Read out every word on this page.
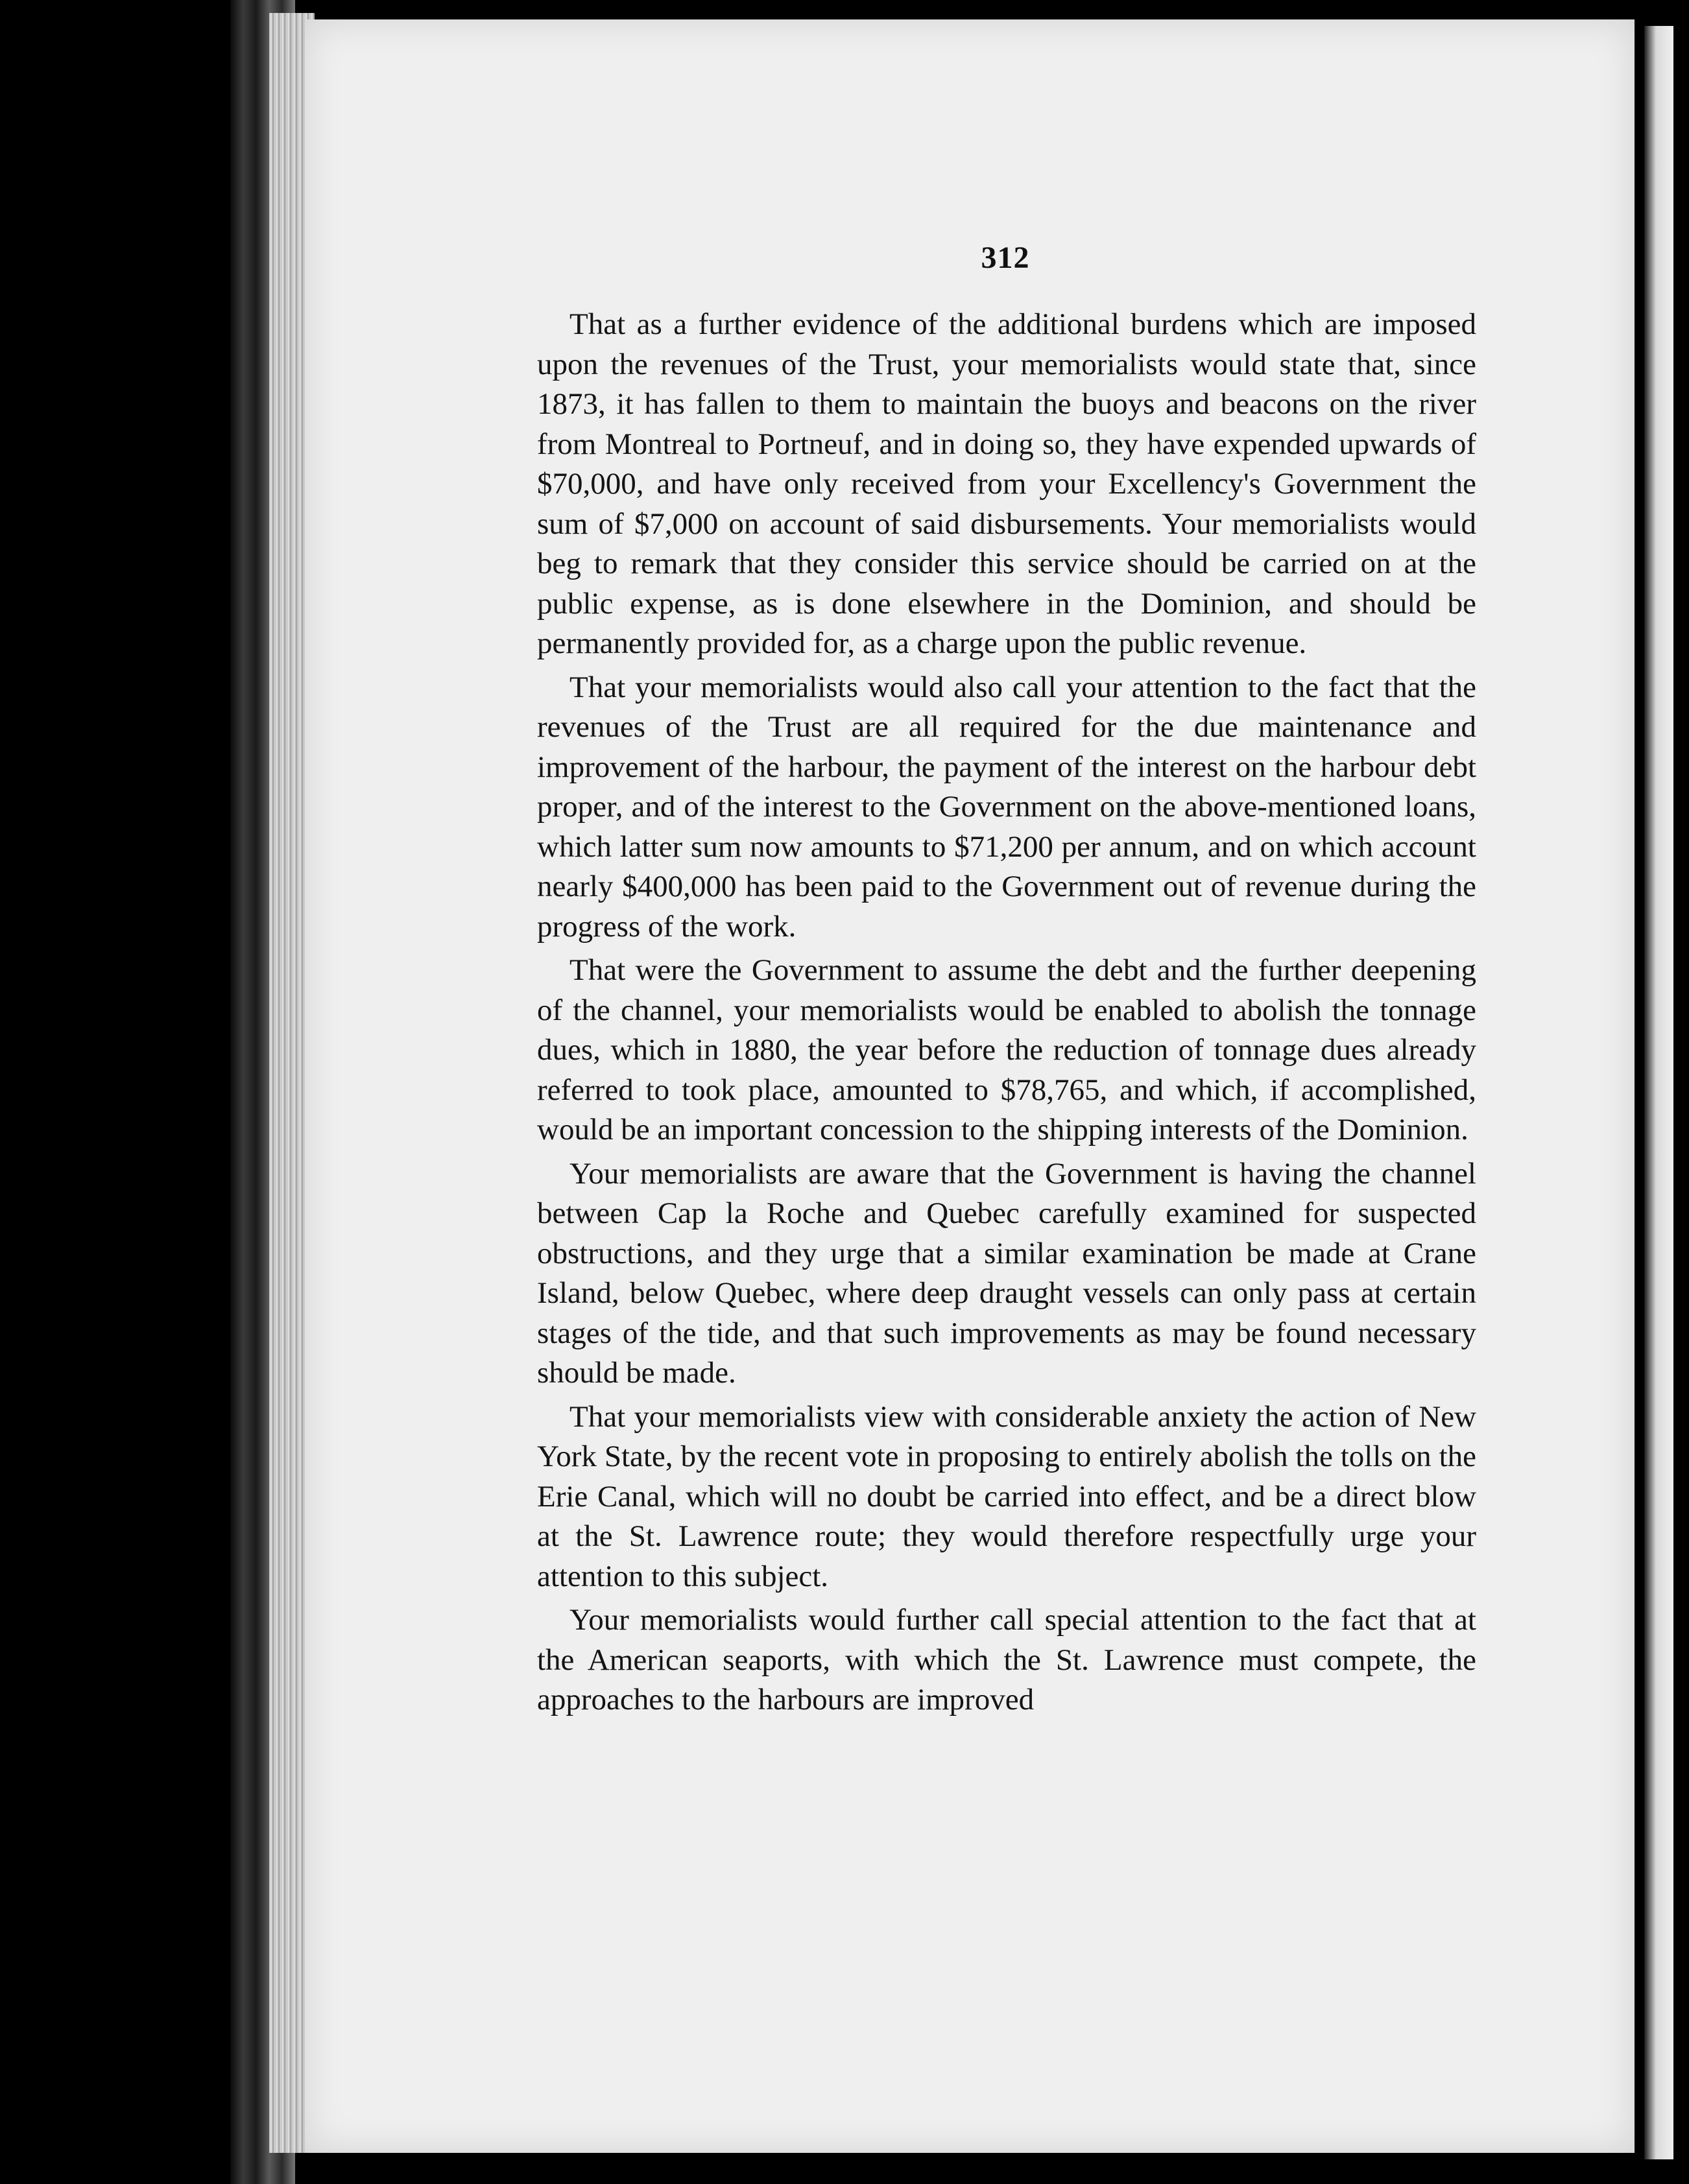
312

That as a further evidence of the additional burdens which are imposed upon the revenues of the Trust, your memorialists would state that, since 1873, it has fallen to them to maintain the buoys and beacons on the river from Montreal to Portneuf, and in doing so, they have expended upwards of $70,000, and have only received from your Excellency's Government the sum of $7,000 on account of said disbursements. Your memorialists would beg to remark that they consider this service should be carried on at the public expense, as is done elsewhere in the Dominion, and should be permanently provided for, as a charge upon the public revenue.

That your memorialists would also call your attention to the fact that the revenues of the Trust are all required for the due maintenance and improvement of the harbour, the payment of the interest on the harbour debt proper, and of the interest to the Government on the above-mentioned loans, which latter sum now amounts to $71,200 per annum, and on which account nearly $400,000 has been paid to the Government out of revenue during the progress of the work.

That were the Government to assume the debt and the further deepening of the channel, your memorialists would be enabled to abolish the tonnage dues, which in 1880, the year before the reduction of tonnage dues already referred to took place, amounted to $78,765, and which, if accomplished, would be an important concession to the shipping interests of the Dominion.

Your memorialists are aware that the Government is having the channel between Cap la Roche and Quebec carefully examined for suspected obstructions, and they urge that a similar examination be made at Crane Island, below Quebec, where deep draught vessels can only pass at certain stages of the tide, and that such improvements as may be found necessary should be made.

That your memorialists view with considerable anxiety the action of New York State, by the recent vote in proposing to entirely abolish the tolls on the Erie Canal, which will no doubt be carried into effect, and be a direct blow at the St. Lawrence route; they would therefore respectfully urge your attention to this subject.

Your memorialists would further call special attention to the fact that at the American seaports, with which the St. Lawrence must compete, the approaches to the harbours are improved
